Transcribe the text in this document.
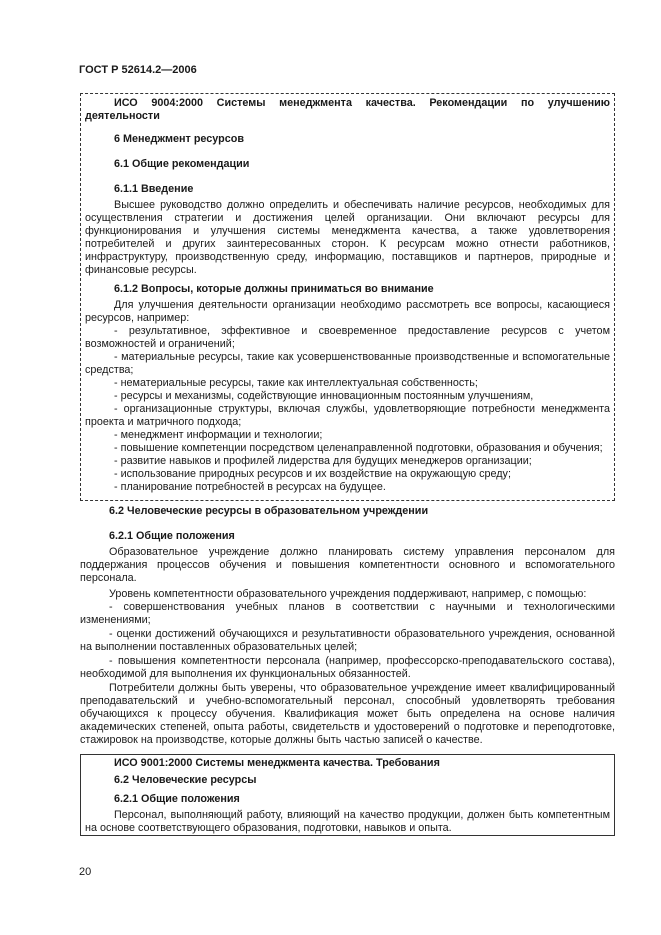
ГОСТ Р 52614.2—2006

ИСО 9004:2000 Системы менеджмента качества. Рекомендации по улучшению деятельности

6 Менеджмент ресурсов

6.1 Общие рекомендации

6.1.1 Введение

Высшее руководство должно определить и обеспечивать наличие ресурсов, необходимых для осуществления стратегии и достижения целей организации. Они включают ресурсы для функционирования и улучшения системы менеджмента качества, а также удовлетворения потребителей и других заинтересованных сторон. К ресурсам можно отнести работников, инфраструктуру, производственную среду, информацию, поставщиков и партнеров, природные и финансовые ресурсы.

6.1.2 Вопросы, которые должны приниматься во внимание

Для улучшения деятельности организации необходимо рассмотреть все вопросы, касающиеся ресурсов, например:

- результативное, эффективное и своевременное предоставление ресурсов с учетом возможностей и ограничений;

- материальные ресурсы, такие как усовершенствованные производственные и вспомогательные средства;

- нематериальные ресурсы, такие как интеллектуальная собственность;

- ресурсы и механизмы, содействующие инновационным постоянным улучшениям,

- организационные структуры, включая службы, удовлетворяющие потребности менеджмента проекта и матричного подхода;

- менеджмент информации и технологии;

- повышение компетенции посредством целенаправленной подготовки, образования и обучения;

- развитие навыков и профилей лидерства для будущих менеджеров организации;

- использование природных ресурсов и их воздействие на окружающую среду;

- планирование потребностей в ресурсах на будущее.

6.2 Человеческие ресурсы в образовательном учреждении

6.2.1 Общие положения

Образовательное учреждение должно планировать систему управления персоналом для поддержания процессов обучения и повышения компетентности основного и вспомогательного персонала.

Уровень компетентности образовательного учреждения поддерживают, например, с помощью:

- совершенствования учебных планов в соответствии с научными и технологическими изменениями;

- оценки достижений обучающихся и результативности образовательного учреждения, основанной на выполнении поставленных образовательных целей;

- повышения компетентности персонала (например, профессорско-преподавательского состава), необходимой для выполнения их функциональных обязанностей.

Потребители должны быть уверены, что образовательное учреждение имеет квалифицированный преподавательский и учебно-вспомогательный персонал, способный удовлетворять требования обучающихся к процессу обучения. Квалификация может быть определена на основе наличия академических степеней, опыта работы, свидетельств и удостоверений о подготовке и переподготовке, стажировок на производстве, которые должны быть частью записей о качестве.

ИСО 9001:2000 Системы менеджмента качества. Требования

6.2 Человеческие ресурсы

6.2.1 Общие положения

Персонал, выполняющий работу, влияющий на качество продукции, должен быть компетентным на основе соответствующего образования, подготовки, навыков и опыта.

20
